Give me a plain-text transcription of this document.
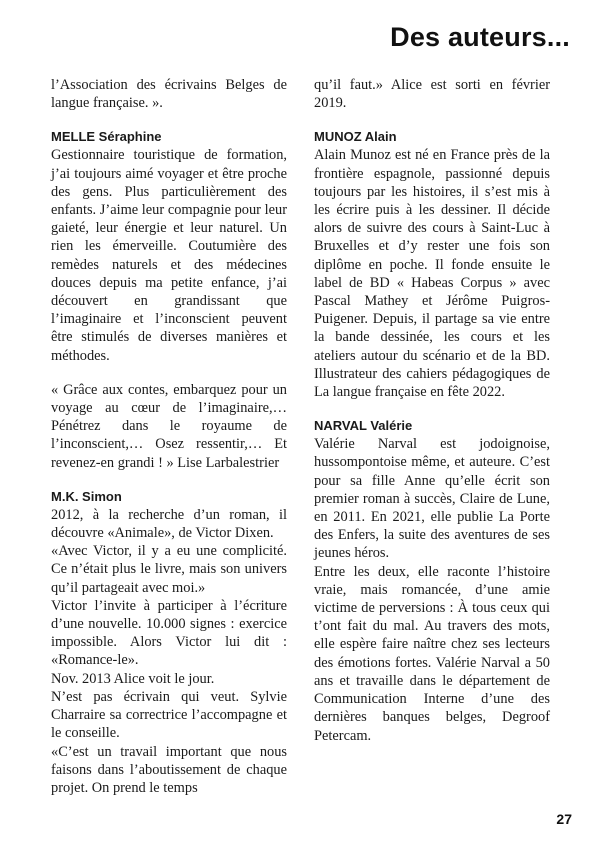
Des auteurs...

l’Association des écrivains Belges de langue française. ».

MELLE Séraphine

Gestionnaire touristique de formation, j’ai toujours aimé voyager et être proche des gens. Plus particulièrement des enfants. J’aime leur compagnie pour leur gaieté, leur énergie et leur naturel. Un rien les émerveille. Coutumière des remèdes naturels et des médecines douces depuis ma petite enfance, j’ai découvert en grandissant que l’imaginaire et l’inconscient peuvent être stimulés de diverses manières et méthodes.

« Grâce aux contes, embarquez pour un voyage au cœur de l’imaginaire,… Pénétrez dans le royaume de l’inconscient,… Osez ressentir,… Et revenez-en grandi ! » Lise Larbalestrier

M.K. Simon

2012, à la recherche d’un roman, il découvre «Animale», de Victor Dixen.

«Avec Victor, il y a eu une complicité. Ce n’était plus le livre, mais son univers qu’il partageait avec moi.»

Victor l’invite à participer à l’écriture d’une nouvelle. 10.000 signes : exercice impossible. Alors Victor lui dit : «Romance-le».

Nov. 2013 Alice voit le jour.

N’est pas écrivain qui veut. Sylvie Charraire sa correctrice l’accompagne et le conseille.

«C’est un travail important que nous faisons dans l’aboutissement de chaque projet. On prend le temps

qu’il faut.» Alice est sorti en février 2019.

MUNOZ Alain

Alain Munoz est né en France près de la frontière espagnole, passionné depuis toujours par les histoires, il s’est mis à les écrire puis à les dessiner. Il décide alors de suivre des cours à Saint-Luc à Bruxelles et d’y rester une fois son diplôme en poche. Il fonde ensuite le label de BD « Habeas Corpus » avec Pascal Mathey et Jérôme Puigros-Puigener. Depuis, il partage sa vie entre la bande dessinée, les cours et les ateliers autour du scénario et de la BD. Illustrateur des cahiers pédagogiques de La langue française en fête 2022.

NARVAL Valérie

Valérie Narval est jodoignoise, hussompontoise même, et auteure. C’est pour sa fille Anne qu’elle écrit son premier roman à succès, Claire de Lune, en 2011. En 2021, elle publie La Porte des Enfers, la suite des aventures de ses jeunes héros.

Entre les deux, elle raconte l’histoire vraie, mais romancée, d’une amie victime de perversions : À tous ceux qui t’ont fait du mal. Au travers des mots, elle espère faire naître chez ses lecteurs des émotions fortes. Valérie Narval a 50 ans et travaille dans le département de Communication Interne d’une des dernières banques belges, Degroof Petercam.

27
